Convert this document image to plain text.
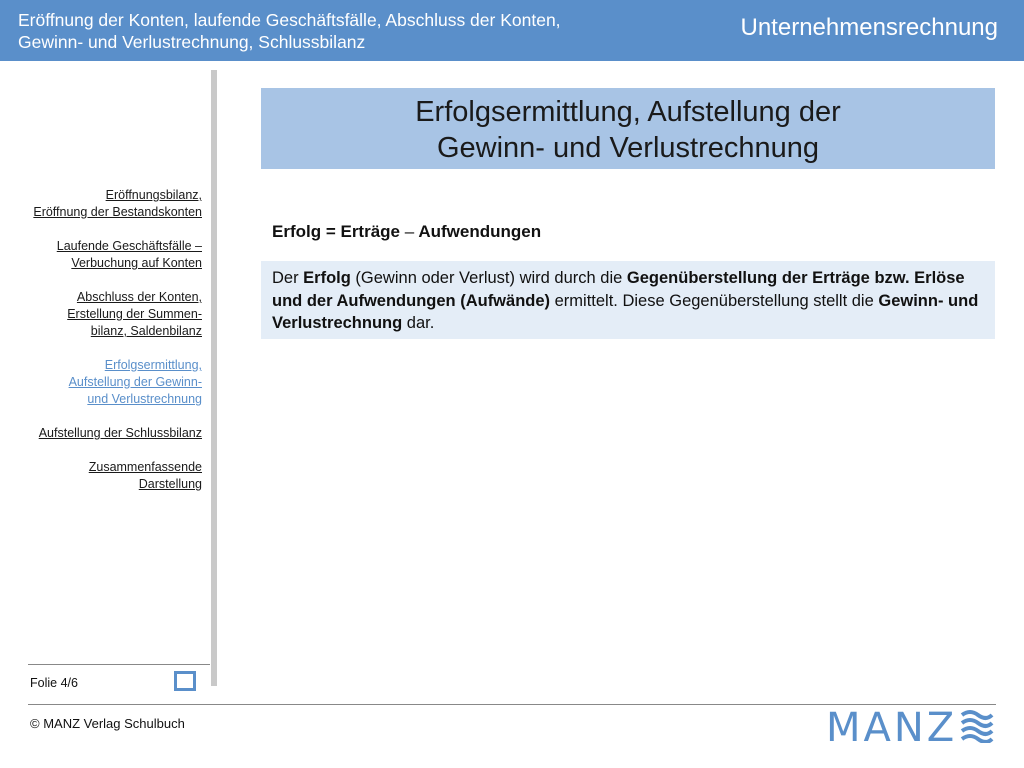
Eröffnung der Konten, laufende Geschäftsfälle, Abschluss der Konten,
Gewinn- und Verlustrechnung, Schlussbilanz
Unternehmensrechnung
Eröffnungsbilanz,
Eröffnung der Bestandskonten
Laufende Geschäftsfälle –
Verbuchung auf Konten
Abschluss der Konten,
Erstellung der Summen-
bilanz, Saldenbilanz
Erfolgsermittlung,
Aufstellung der Gewinn-
und Verlustrechnung
Aufstellung der Schlussbilanz
Zusammenfassende
Darstellung
Erfolgsermittlung, Aufstellung der
Gewinn- und Verlustrechnung
Erfolg = Erträge – Aufwendungen

Der Erfolg (Gewinn oder Verlust) wird durch die Gegenüberstellung der Erträge bzw. Erlöse und der Aufwendungen (Aufwände) ermittelt. Diese Gegenüberstellung stellt die Gewinn- und Verlustrechnung dar.

Folie 4/6
© MANZ Verlag Schulbuch	MANZ
